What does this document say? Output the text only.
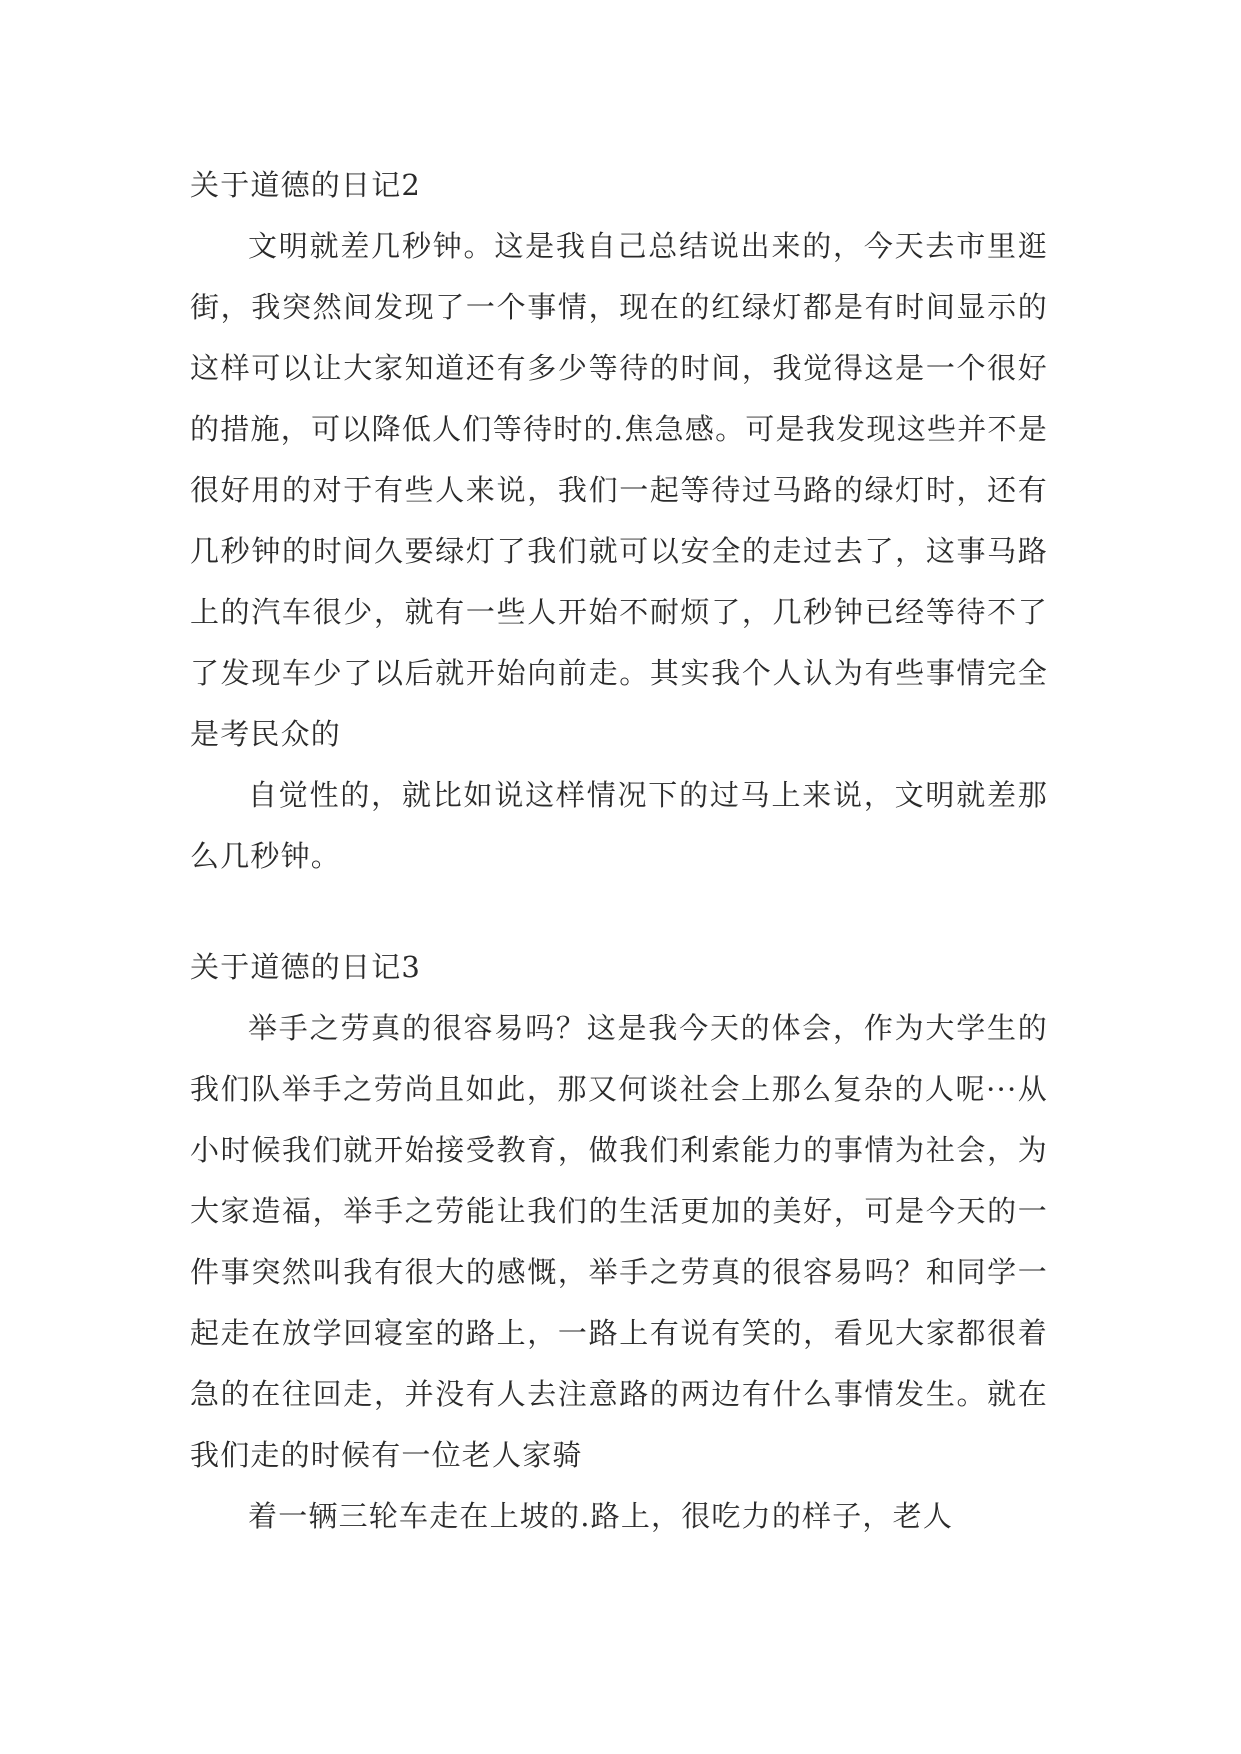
关于道德的日记2

文明就差几秒钟。这是我自己总结说出来的，今天去市里逛街，我突然间发现了一个事情，现在的红绿灯都是有时间显示的这样可以让大家知道还有多少等待的时间，我觉得这是一个很好的措施，可以降低人们等待时的.焦急感。可是我发现这些并不是很好用的对于有些人来说，我们一起等待过马路的绿灯时，还有几秒钟的时间久要绿灯了我们就可以安全的走过去了，这事马路上的汽车很少，就有一些人开始不耐烦了，几秒钟已经等待不了了发现车少了以后就开始向前走。其实我个人认为有些事情完全是考民众的

自觉性的，就比如说这样情况下的过马上来说，文明就差那么几秒钟。

关于道德的日记3

举手之劳真的很容易吗？这是我今天的体会，作为大学生的我们队举手之劳尚且如此，那又何谈社会上那么复杂的人呢···从小时候我们就开始接受教育，做我们利索能力的事情为社会，为大家造福，举手之劳能让我们的生活更加的美好，可是今天的一件事突然叫我有很大的感慨，举手之劳真的很容易吗？和同学一起走在放学回寝室的路上，一路上有说有笑的，看见大家都很着急的在往回走，并没有人去注意路的两边有什么事情发生。就在我们走的时候有一位老人家骑

着一辆三轮车走在上坡的.路上，很吃力的样子，老人
